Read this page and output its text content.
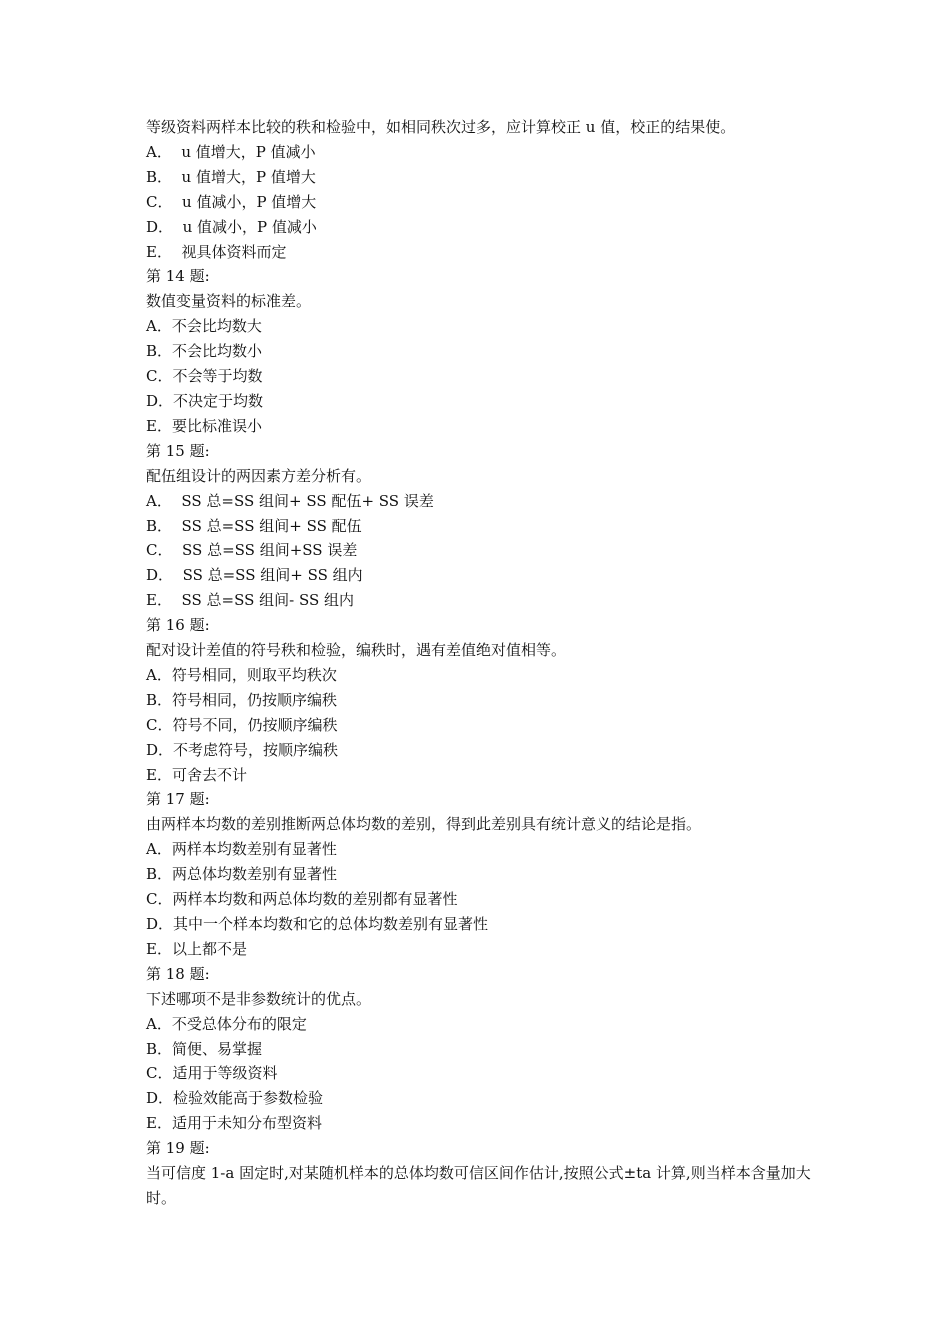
等级资料两样本比较的秩和检验中，如相同秩次过多，应计算校正 u 值，校正的结果使。
A．  u 值增大，P 值减小
B．  u 值增大，P 值增大
C．  u 值减小，P 值增大
D．  u 值减小，P 值减小
E．  视具体资料而定
第 14 题:
数值变量资料的标准差。
A．不会比均数大
B．不会比均数小
C．不会等于均数
D．不决定于均数
E．要比标准误小
第 15 题:
配伍组设计的两因素方差分析有。
A．  SS 总=SS 组间+ SS 配伍+ SS 误差
B．  SS 总=SS 组间+ SS 配伍
C．  SS 总=SS 组间+SS 误差
D．  SS 总=SS 组间+ SS 组内
E．  SS 总=SS 组间- SS 组内
第 16 题:
配对设计差值的符号秩和检验，编秩时，遇有差值绝对值相等。
A．符号相同，则取平均秩次
B．符号相同，仍按顺序编秩
C．符号不同，仍按顺序编秩
D．不考虑符号，按顺序编秩
E．可舍去不计
第 17 题:
由两样本均数的差别推断两总体均数的差别，得到此差别具有统计意义的结论是指。
A．两样本均数差别有显著性
B．两总体均数差别有显著性
C．两样本均数和两总体均数的差别都有显著性
D．其中一个样本均数和它的总体均数差别有显著性
E．以上都不是
第 18 题:
下述哪项不是非参数统计的优点。
A．不受总体分布的限定
B．简便、易掌握
C．适用于等级资料
D．检验效能高于参数检验
E．适用于未知分布型资料
第 19 题:
当可信度 1-a 固定时,对某随机样本的总体均数可信区间作估计,按照公式±ta 计算,则当样本含量加大时。
